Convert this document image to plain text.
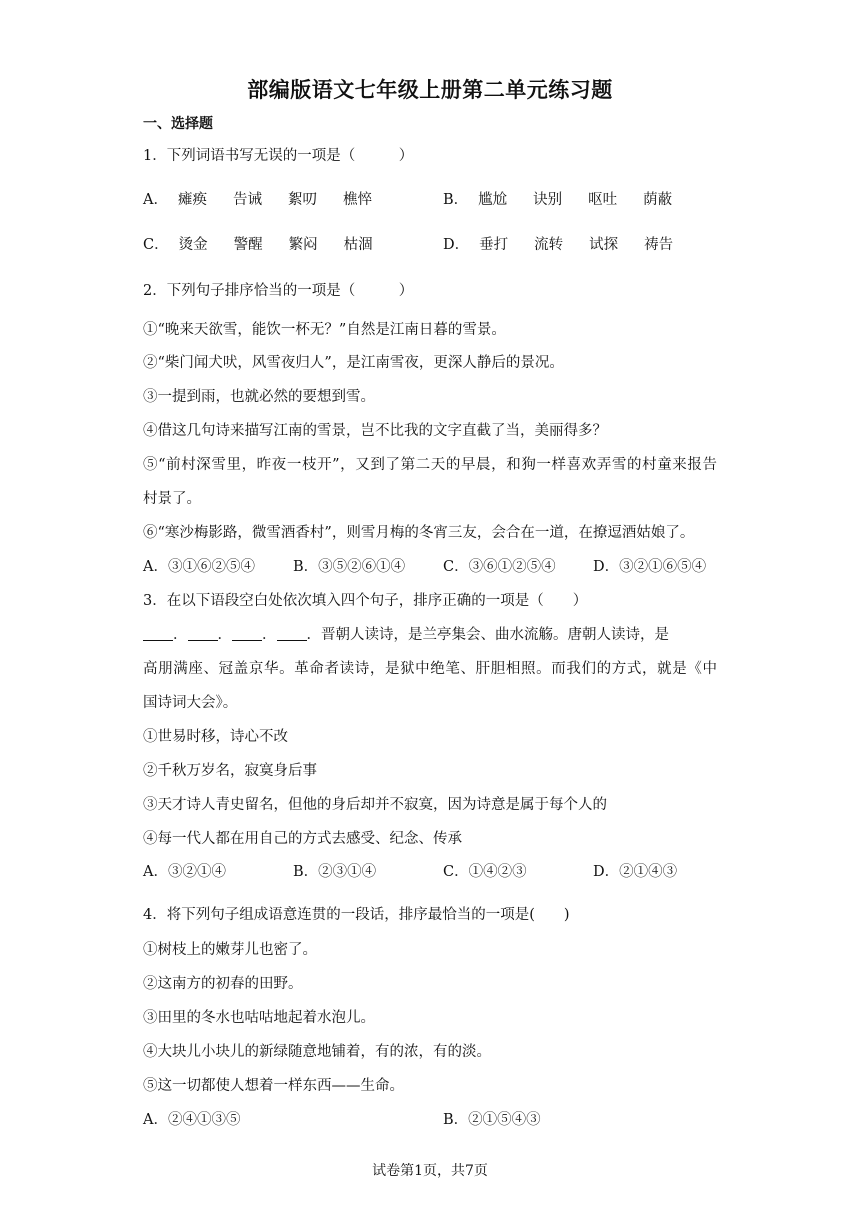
部编版语文七年级上册第二单元练习题
一、选择题
1．下列词语书写无误的一项是（　　　）
A． 瘫痪 告诫 絮叨 樵悴	B． 尴尬 诀别 呕吐 荫蔽
C． 烫金 警醒 繁闷 枯涸	D． 垂打 流转 试探 祷告
2．下列句子排序恰当的一项是（　　　）
①“晚来天欲雪，能饮一杯无？”自然是江南日暮的雪景。
②“柴门闻犬吠，风雪夜归人”，是江南雪夜，更深人静后的景况。
③一提到雨，也就必然的要想到雪。
④借这几句诗来描写江南的雪景，岂不比我的文字直截了当，美丽得多？
⑤“前村深雪里，昨夜一枝开”，又到了第二天的早晨，和狗一样喜欢弄雪的村童来报告
村景了。
⑥“寒沙梅影路，微雪酒香村”，则雪月梅的冬宵三友，会合在一道，在撩逗酒姑娘了。
A．③①⑥②⑤④	B．③⑤②⑥①④	C．③⑥①②⑤④	D．③②①⑥⑤④
3．在以下语段空白处依次填入四个句子，排序正确的一项是（　　）
． ． ． ．晋朝人读诗，是兰亭集会、曲水流觞。唐朝人读诗，是
高朋满座、冠盖京华。革命者读诗，是狱中绝笔、肝胆相照。而我们的方式，就是《中
国诗词大会》。
①世易时移，诗心不改
②千秋万岁名，寂寞身后事
③天才诗人青史留名，但他的身后却并不寂寞，因为诗意是属于每个人的
④每一代人都在用自己的方式去感受、纪念、传承
A．③②①④	B．②③①④	C．①④②③	D．②①④③
4．将下列句子组成语意连贯的一段话，排序最恰当的一项是(　　)
①树枝上的嫩芽儿也密了。
②这南方的初春的田野。
③田里的冬水也咕咕地起着水泡儿。
④大块儿小块儿的新绿随意地铺着，有的浓，有的淡。
⑤这一切都使人想着一样东西——生命。
A．②④①③⑤	B．②①⑤④③
试卷第1页，共7页
